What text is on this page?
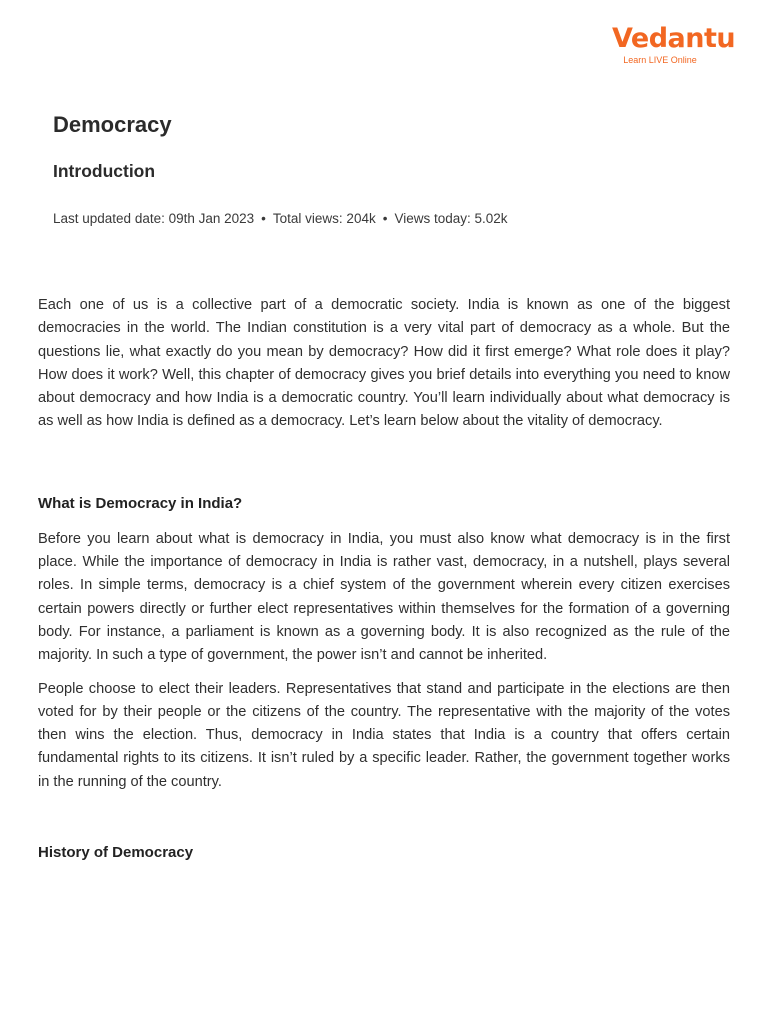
Vedantu
Learn LIVE Online
Democracy
Introduction
Last updated date: 09th Jan 2023 • Total views: 204k • Views today: 5.02k

Each one of us is a collective part of a democratic society. India is known as one of the biggest democracies in the world. The Indian constitution is a very vital part of democracy as a whole. But the questions lie, what exactly do you mean by democracy? How did it first emerge? What role does it play? How does it work? Well, this chapter of democracy gives you brief details into everything you need to know about democracy and how India is a democratic country. You’ll learn individually about what democracy is as well as how India is defined as a democracy. Let’s learn below about the vitality of democracy.

What is Democracy in India?

Before you learn about what is democracy in India, you must also know what democracy is in the first place. While the importance of democracy in India is rather vast, democracy, in a nutshell, plays several roles. In simple terms, democracy is a chief system of the government wherein every citizen exercises certain powers directly or further elect representatives within themselves for the formation of a governing body. For instance, a parliament is known as a governing body. It is also recognized as the rule of the majority. In such a type of government, the power isn’t and cannot be inherited.

People choose to elect their leaders. Representatives that stand and participate in the elections are then voted for by their people or the citizens of the country. The representative with the majority of the votes then wins the election. Thus, democracy in India states that India is a country that offers certain fundamental rights to its citizens. It isn’t ruled by a specific leader. Rather, the government together works in the running of the country.

History of Democracy
